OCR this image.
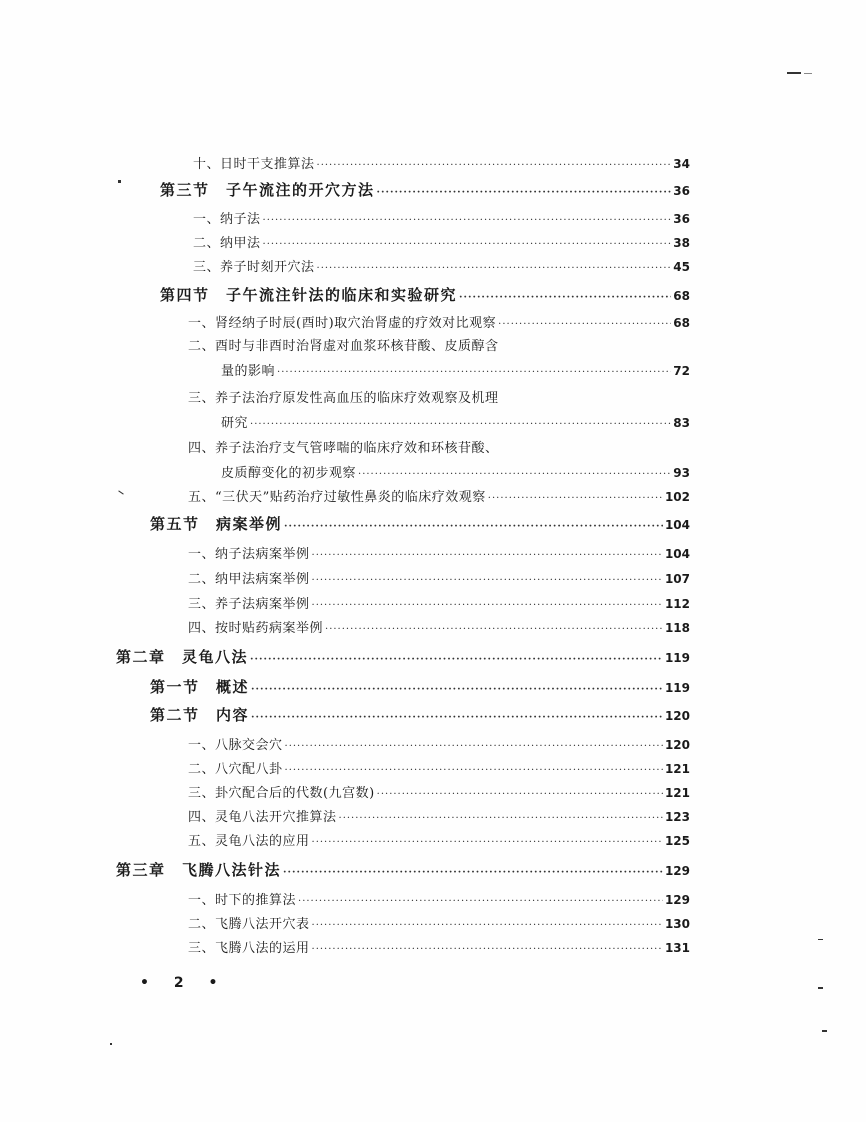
十、日时干支推算法 ·····	34
第三节　子午流注的开穴方法 ·····	36
一、纳子法 ·····	36
二、纳甲法 ·····	38
三、养子时刻开穴法 ·····	45
第四节　子午流注针法的临床和实验研究 ·····	68
一、肾经纳子时辰(酉时)取穴治肾虚的疗效对比观察 ·····	68
二、酉时与非酉时治肾虚对血浆环核苷酸、皮质醇含
量的影响 ·····	72
三、养子法治疗原发性高血压的临床疗效观察及机理
研究 ·····	83
四、养子法治疗支气管哮喘的临床疗效和环核苷酸、
皮质醇变化的初步观察 ·····	93
五、“三伏天”贴药治疗过敏性鼻炎的临床疗效观察 ·····	102
第五节　病案举例 ·····	104
一、纳子法病案举例 ·····	104
二、纳甲法病案举例 ·····	107
三、养子法病案举例 ·····	112
四、按时贴药病案举例 ·····	118
第二章　灵龟八法 ·····	119
第一节　概述 ·····	119
第二节　内容 ·····	120
一、八脉交会穴 ·····	120
二、八穴配八卦 ·····	121
三、卦穴配合后的代数(九宫数) ·····	121
四、灵龟八法开穴推算法 ·····	123
五、灵龟八法的应用 ·····	125
第三章　飞腾八法针法 ·····	129
一、时下的推算法 ·····	129
二、飞腾八法开穴表 ·····	130
三、飞腾八法的运用 ·····	131
• 2 •
